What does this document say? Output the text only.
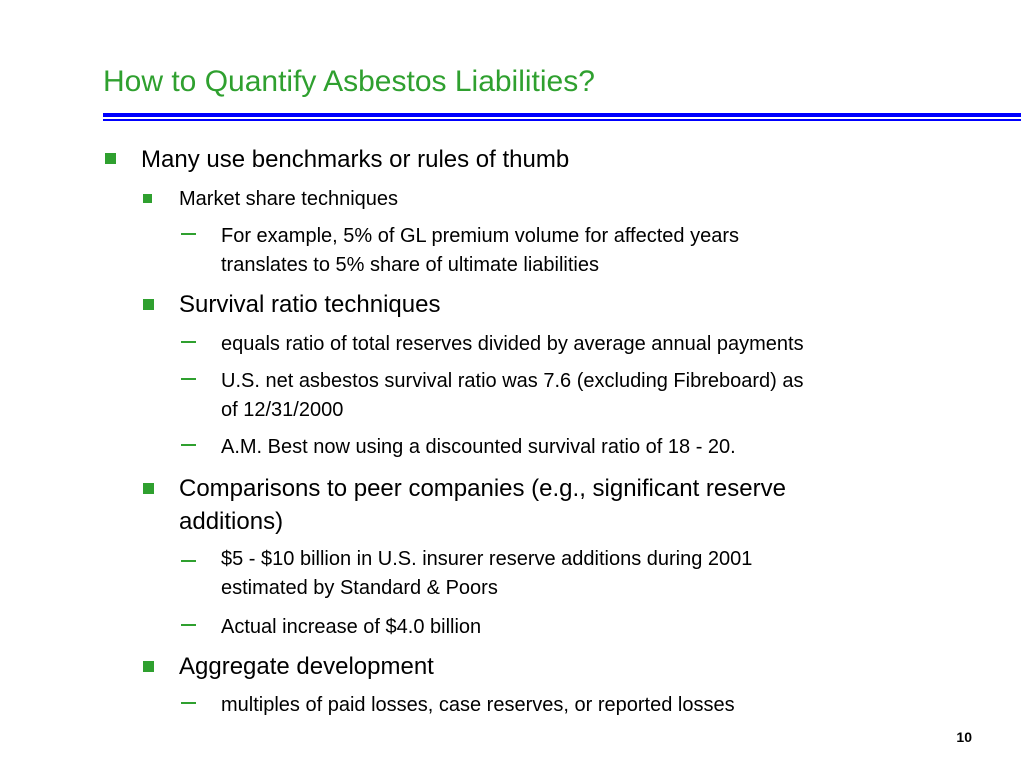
How to Quantify Asbestos Liabilities?
Many use benchmarks or rules of thumb
Market share techniques
For example, 5% of GL premium volume for affected years
translates to 5% share of ultimate liabilities
Survival ratio techniques
equals ratio of total reserves divided by average annual payments
U.S. net asbestos survival ratio was 7.6 (excluding Fibreboard) as
of 12/31/2000
A.M. Best now using a discounted survival ratio of 18 - 20.
Comparisons to peer companies (e.g., significant reserve
additions)
$5 - $10 billion in U.S. insurer reserve additions during 2001
estimated by Standard & Poors
Actual increase of $4.0 billion
Aggregate development
multiples of paid losses, case reserves, or reported losses
10
